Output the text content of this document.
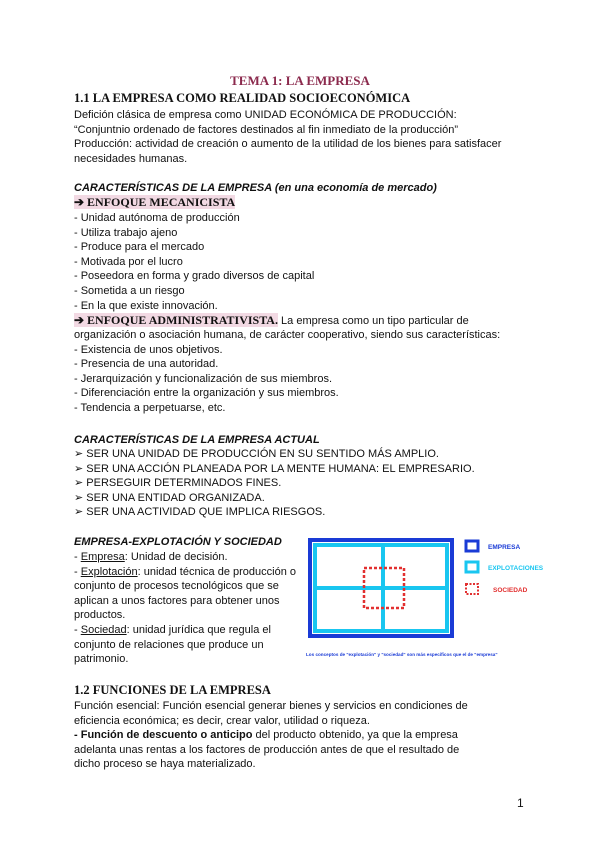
TEMA 1: LA EMPRESA
1.1 LA EMPRESA COMO REALIDAD SOCIOECONÓMICA
Defición clásica de empresa como UNIDAD ECONÓMICA DE PRODUCCIÓN:
“Conjuntnio ordenado de factores destinados al fin inmediato de la producción”
Producción: actividad de creación o aumento de la utilidad de los bienes para satisfacer
necesidades humanas.
CARACTERÍSTICAS DE LA EMPRESA (en una economía de mercado)
➔ ENFOQUE MECANICISTA
- Unidad autónoma de producción
- Utiliza trabajo ajeno
- Produce para el mercado
- Motivada por el lucro
- Poseedora en forma y grado diversos de capital
- Sometida a un riesgo
- En la que existe innovación.
➔ ENFOQUE ADMINISTRATIVISTA. La empresa como un tipo particular de
organización o asociación humana, de carácter cooperativo, siendo sus características:
- Existencia de unos objetivos.
- Presencia de una autoridad.
- Jerarquización y funcionalización de sus miembros.
- Diferenciación entre la organización y sus miembros.
- Tendencia a perpetuarse, etc.
CARACTERÍSTICAS DE LA EMPRESA ACTUAL
➢ SER UNA UNIDAD DE PRODUCCIÓN EN SU SENTIDO MÁS AMPLIO.
➢ SER UNA ACCIÓN PLANEADA POR LA MENTE HUMANA: EL EMPRESARIO.
➢ PERSEGUIR DETERMINADOS FINES.
➢ SER UNA ENTIDAD ORGANIZADA.
➢ SER UNA ACTIVIDAD QUE IMPLICA RIESGOS.
EMPRESA-EXPLOTACIÓN Y SOCIEDAD
- Empresa: Unidad de decisión.
- Explotación: unidad técnica de producción o
conjunto de procesos tecnológicos que se
aplican a unos factores para obtener unos
productos.
- Sociedad: unidad jurídica que regula el
conjunto de relaciones que produce un
patrimonio.
EMPRESA
EXPLOTACIONES
SOCIEDAD
Los conceptos de "explotación" y "sociedad" son más específicos que el de "empresa"
1.2 FUNCIONES DE LA EMPRESA
Función esencial: Función esencial generar bienes y servicios en condiciones de
eficiencia económica; es decir, crear valor, utilidad o riqueza.
- Función de descuento o anticipo del producto obtenido, ya que la empresa
adelanta unas rentas a los factores de producción antes de que el resultado de
dicho proceso se haya materializado.
1
